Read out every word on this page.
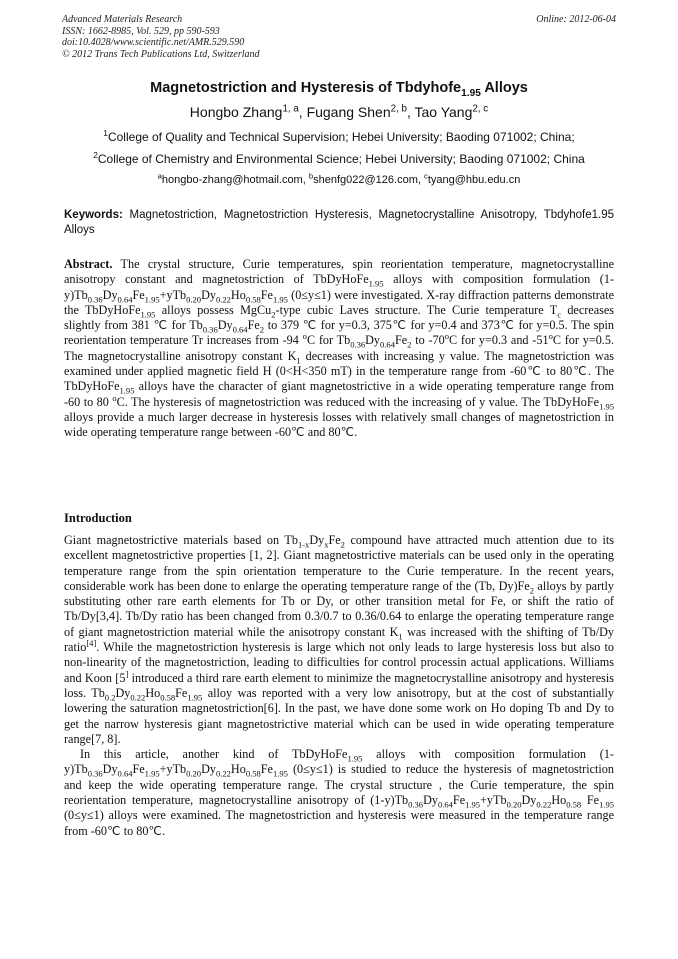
Advanced Materials Research
ISSN: 1662-8985, Vol. 529, pp 590-593
doi:10.4028/www.scientific.net/AMR.529.590
© 2012 Trans Tech Publications Ltd, Switzerland
Online: 2012-06-04
Magnetostriction and Hysteresis of Tbdyhofe$_{1.95}$ Alloys
Hongbo Zhang$^{1, a}$, Fugang Shen$^{2, b}$, Tao Yang$^{2, c}$
$^1$College of Quality and Technical Supervision; Hebei University; Baoding 071002; China;
$^2$College of Chemistry and Environmental Science; Hebei University; Baoding 071002; China
$^a$hongbo-zhang@hotmail.com, $^b$shenfg022@126.com, $^c$tyang@hbu.edu.cn
Keywords: Magnetostriction, Magnetostriction Hysteresis, Magnetocrystalline Anisotropy, Tbdyhofe1.95 Alloys
Abstract. The crystal structure, Curie temperatures, spin reorientation temperature, magnetocrystalline anisotropy constant and magnetostriction of TbDyHoFe$_{1.95}$ alloys with composition formulation $(1-y)Tb_{0.36}Dy_{0.64}Fe_{1.95}+yTb_{0.20}Dy_{0.22}Ho_{0.58}Fe_{1.95}$ (0≤y≤1) were investigated. X-ray diffraction patterns demonstrate the TbDyHoFe$_{1.95}$ alloys possess MgCu$_2$-type cubic Laves structure. The Curie temperature $T_c$ decreases slightly from 381 ℃ for $Tb_{0.36}Dy_{0.64}Fe_2$ to 379 ℃ for y=0.3, 375℃ for y=0.4 and 373℃ for y=0.5. The spin reorientation temperature Tr increases from -94 $^o$C for $Tb_{0.36}Dy_{0.64}Fe_2$ to -70$^o$C for y=0.3 and -51$^o$C for y=0.5. The magnetocrystalline anisotropy constant $K_1$ decreases with increasing y value. The magnetostriction was examined under applied magnetic field H (0<H<350 mT) in the temperature range from -60℃ to 80℃. The TbDyHoFe$_{1.95}$ alloys have the character of giant magnetostrictive in a wide operating temperature range from -60 to 80 $^o$C. The hysteresis of magnetostriction was reduced with the increasing of y value. The TbDyHoFe$_{1.95}$ alloys provide a much larger decrease in hysteresis losses with relatively small changes of magnetostriction in wide operating temperature range between -60℃ and 80℃.
Introduction

Giant magnetostrictive materials based on $Tb_{1-x}Dy_xFe_2$ compound have attracted much attention due to its excellent magnetostrictive properties [1, 2]. Giant magnetostrictive materials can be used only in the operating temperature range from the spin orientation temperature to the Curie temperature. In the recent years, considerable work has been done to enlarge the operating temperature range of the (Tb, $Dy)Fe_2$ alloys by partly substituting other rare earth elements for Tb or Dy, or other transition metal for Fe, or shift the ratio of Tb/Dy[3,4]. Tb/Dy ratio has been changed from 0.3/0.7 to 0.36/0.64 to enlarge the operating temperature range of giant magnetostriction material while the anisotropy constant $K_1$ was increased with the shifting of Tb/Dy ratio[4]. While the magnetostriction hysteresis is large which not only leads to large hysteresis loss but also to non-linearity of the magnetostriction, leading to difficulties for control processin actual applications. Williams and Koon [5] introduced a third rare earth element to minimize the magnetocrystalline anisotropy and hysteresis loss. $Tb_{0.2}Dy_{0.22}Ho_{0.58}Fe_{1.95}$ alloy was reported with a very low anisotropy, but at the cost of substantially lowering the saturation magnetostriction[6]. In the past, we have done some work on Ho doping Tb and Dy to get the narrow hysteresis giant magnetostrictive material which can be used in wide operating temperature range[7, 8].

In this article, another kind of TbDyHoFe$_{1.95}$ alloys with composition formulation $(1-y)Tb_{0.36}Dy_{0.64}Fe_{1.95}+yTb_{0.20}Dy_{0.22}Ho_{0.58}Fe_{1.95}$ (0≤y≤1) is studied to reduce the hysteresis of magnetostriction and keep the wide operating temperature range. The crystal structure , the Curie temperature, the spin reorientation temperature, magnetocrystalline anisotropy of $(1-y)Tb_{0.36}Dy_{0.64}Fe_{1.95}+yTb_{0.20}Dy_{0.22}Ho_{0.58}$ $Fe_{1.95}$ (0≤y≤1) alloys were examined. The magnetostriction and hysteresis were measured in the temperature range from -60℃ to 80℃.
